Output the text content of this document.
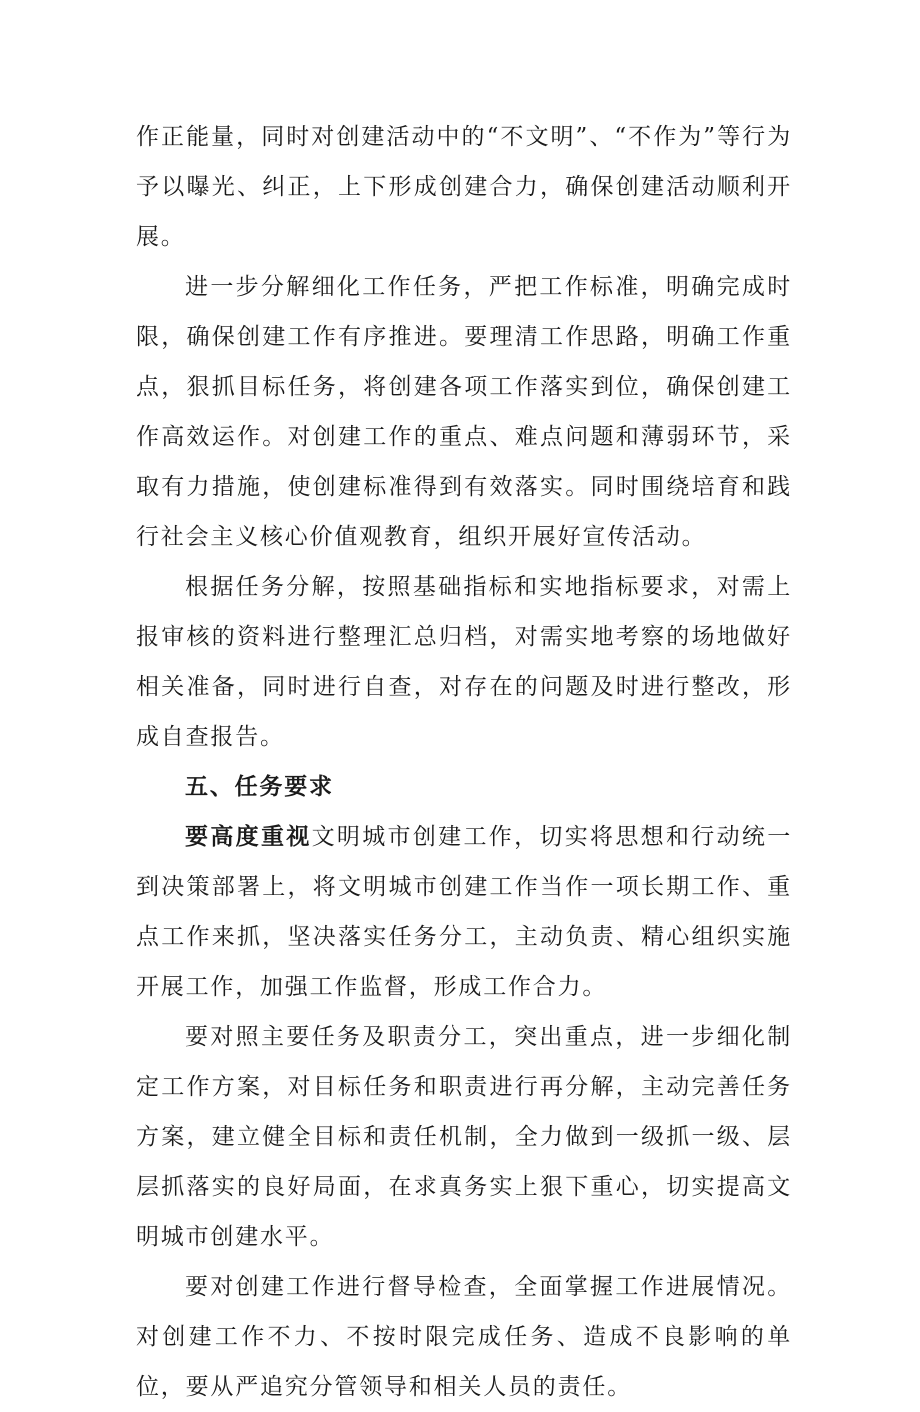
作正能量，同时对创建活动中的“不文明”、“不作为”等行为予以曝光、纠正，上下形成创建合力，确保创建活动顺利开展。

进一步分解细化工作任务，严把工作标准，明确完成时限，确保创建工作有序推进。要理清工作思路，明确工作重点，狠抓目标任务，将创建各项工作落实到位，确保创建工作高效运作。对创建工作的重点、难点问题和薄弱环节，采取有力措施，使创建标准得到有效落实。同时围绕培育和践行社会主义核心价值观教育，组织开展好宣传活动。

根据任务分解，按照基础指标和实地指标要求，对需上报审核的资料进行整理汇总归档，对需实地考察的场地做好相关准备，同时进行自查，对存在的问题及时进行整改，形成自查报告。

五、任务要求

要高度重视文明城市创建工作，切实将思想和行动统一到决策部署上，将文明城市创建工作当作一项长期工作、重点工作来抓，坚决落实任务分工，主动负责、精心组织实施开展工作，加强工作监督，形成工作合力。

要对照主要任务及职责分工，突出重点，进一步细化制定工作方案，对目标任务和职责进行再分解，主动完善任务方案，建立健全目标和责任机制，全力做到一级抓一级、层层抓落实的良好局面，在求真务实上狠下重心，切实提高文明城市创建水平。

要对创建工作进行督导检查，全面掌握工作进展情况。对创建工作不力、不按时限完成任务、造成不良影响的单位，要从严追究分管领导和相关人员的责任。
